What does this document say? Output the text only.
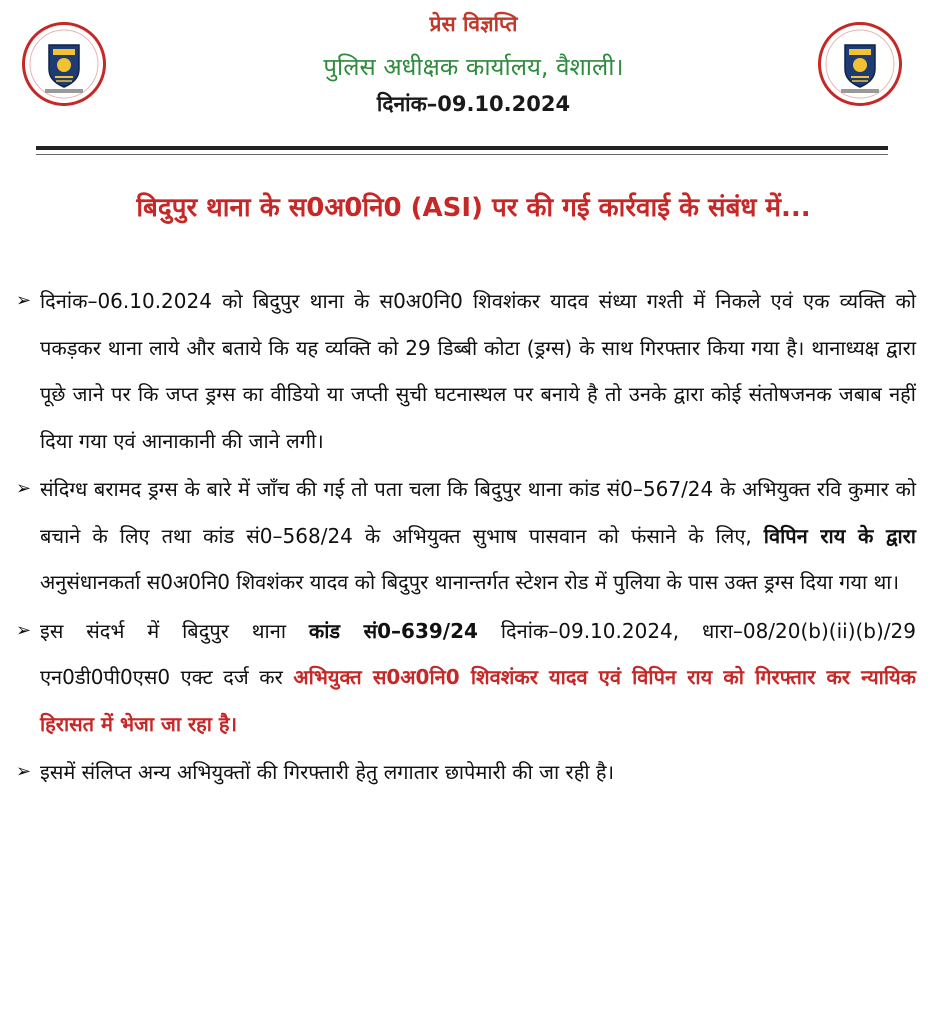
प्रेस विज्ञप्ति
पुलिस अधीक्षक कार्यालय, वैशाली।
दिनांक–09.10.2024
बिदुपुर थाना के स0अ0नि0 (ASI) पर की गई कार्रवाई के संबंध में...

➢ दिनांक–06.10.2024 को बिदुपुर थाना के स0अ0नि0 शिवशंकर यादव संध्या गश्ती में निकले एवं एक व्यक्ति को पकड़कर थाना लाये और बताये कि यह व्यक्ति को 29 डिब्बी कोटा (ड्रग्स) के साथ गिरफ्तार किया गया है। थानाध्यक्ष द्वारा पूछे जाने पर कि जप्त ड्रग्स का वीडियो या जप्ती सुची घटनास्थल पर बनाये है तो उनके द्वारा कोई संतोषजनक जबाब नहीं दिया गया एवं आनाकानी की जाने लगी।

➢ संदिग्ध बरामद ड्रग्स के बारे में जाँच की गई तो पता चला कि बिदुपुर थाना कांड सं0–567/24 के अभियुक्त रवि कुमार को बचाने के लिए तथा कांड सं0–568/24 के अभियुक्त सुभाष पासवान को फंसाने के लिए, विपिन राय के द्वारा अनुसंधानकर्ता स0अ0नि0 शिवशंकर यादव को बिदुपुर थानान्तर्गत स्टेशन रोड में पुलिया के पास उक्त ड्रग्स दिया गया था।

➢ इस संदर्भ में बिदुपुर थाना कांड सं0–639/24 दिनांक–09.10.2024, धारा–08/20(b)(ii)(b)/29 एन0डी0पी0एस0 एक्ट दर्ज कर अभियुक्त स0अ0नि0 शिवशंकर यादव एवं विपिन राय को गिरफ्तार कर न्यायिक हिरासत में भेजा जा रहा है।

➢ इसमें संलिप्त अन्य अभियुक्तों की गिरफ्तारी हेतु लगातार छापेमारी की जा रही है।
